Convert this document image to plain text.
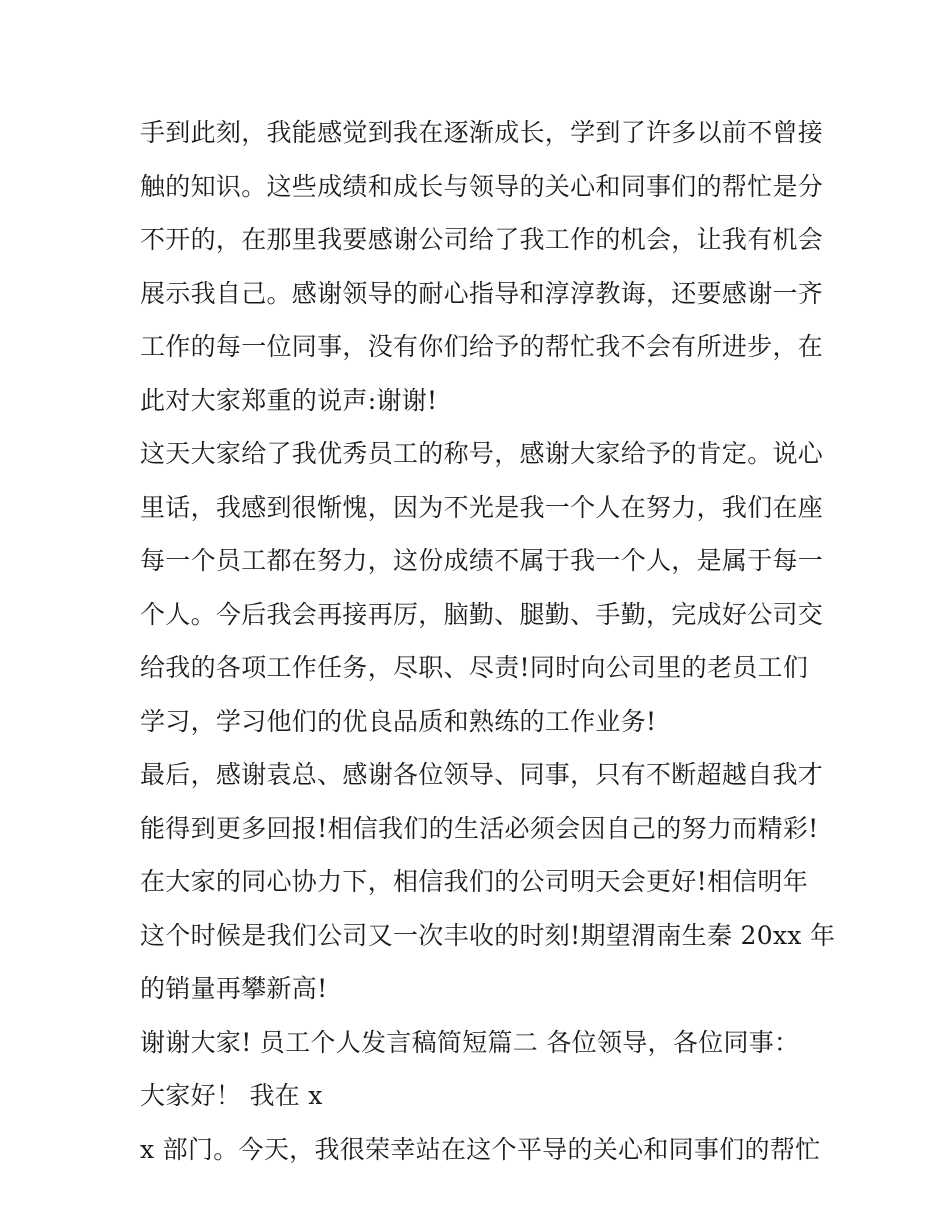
手到此刻，我能感觉到我在逐渐成长，学到了许多以前不曾接
触的知识。这些成绩和成长与领导的关心和同事们的帮忙是分
不开的，在那里我要感谢公司给了我工作的机会，让我有机会
展示我自己。感谢领导的耐心指导和淳淳教诲，还要感谢一齐
工作的每一位同事，没有你们给予的帮忙我不会有所进步，在
此对大家郑重的说声:谢谢!
这天大家给了我优秀员工的称号，感谢大家给予的肯定。说心
里话，我感到很惭愧，因为不光是我一个人在努力，我们在座
每一个员工都在努力，这份成绩不属于我一个人，是属于每一
个人。今后我会再接再厉，脑勤、腿勤、手勤，完成好公司交
给我的各项工作任务，尽职、尽责!同时向公司里的老员工们
学习，学习他们的优良品质和熟练的工作业务!
最后，感谢袁总、感谢各位领导、同事，只有不断超越自我才
能得到更多回报!相信我们的生活必须会因自己的努力而精彩!
在大家的同心协力下，相信我们的公司明天会更好!相信明年
这个时候是我们公司又一次丰收的时刻!期望渭南生秦 20xx 年
的销量再攀新高!
谢谢大家! 员工个人发言稿简短篇二 各位领导，各位同事：
大家好！ 我在 x
x 部门。今天，我很荣幸站在这个平导的关心和同事们的帮忙
